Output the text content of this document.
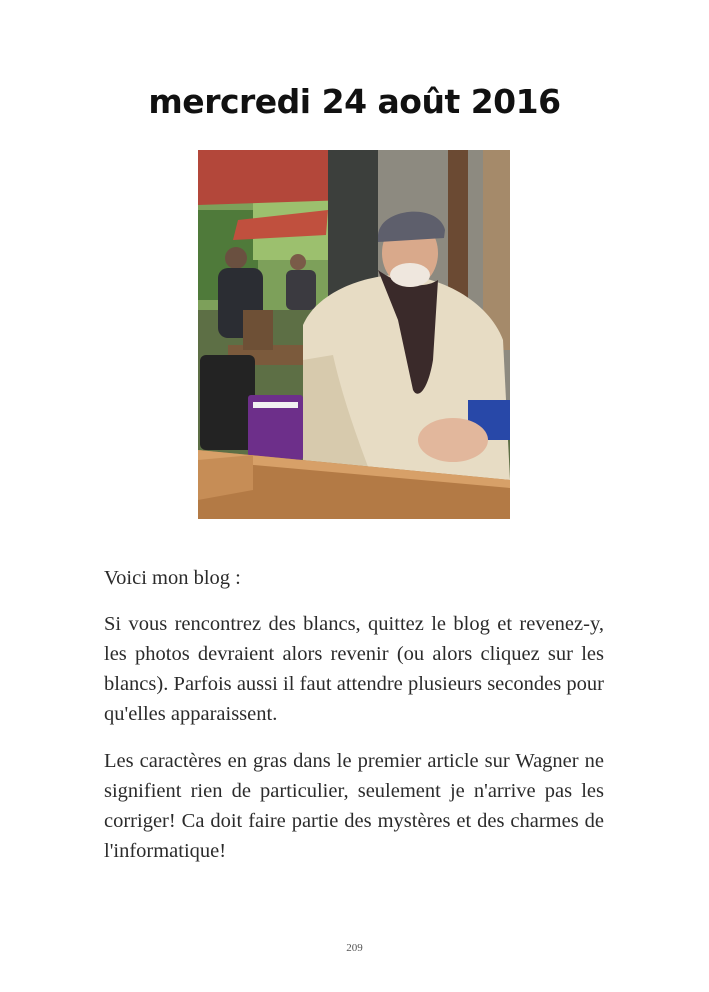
mercredi 24 août 2016

Voici mon blog :

Si vous rencontrez des blancs, quittez le blog et revenez-y, les photos devraient alors revenir (ou alors cliquez sur les blancs). Parfois aussi il faut attendre plusieurs secondes pour qu'elles apparaissent.

Les caractères en gras dans le premier article sur Wagner ne signifient rien de particulier, seulement je n'arrive pas les corriger! Ca doit faire partie des mystères et des charmes de l'informatique!

209
